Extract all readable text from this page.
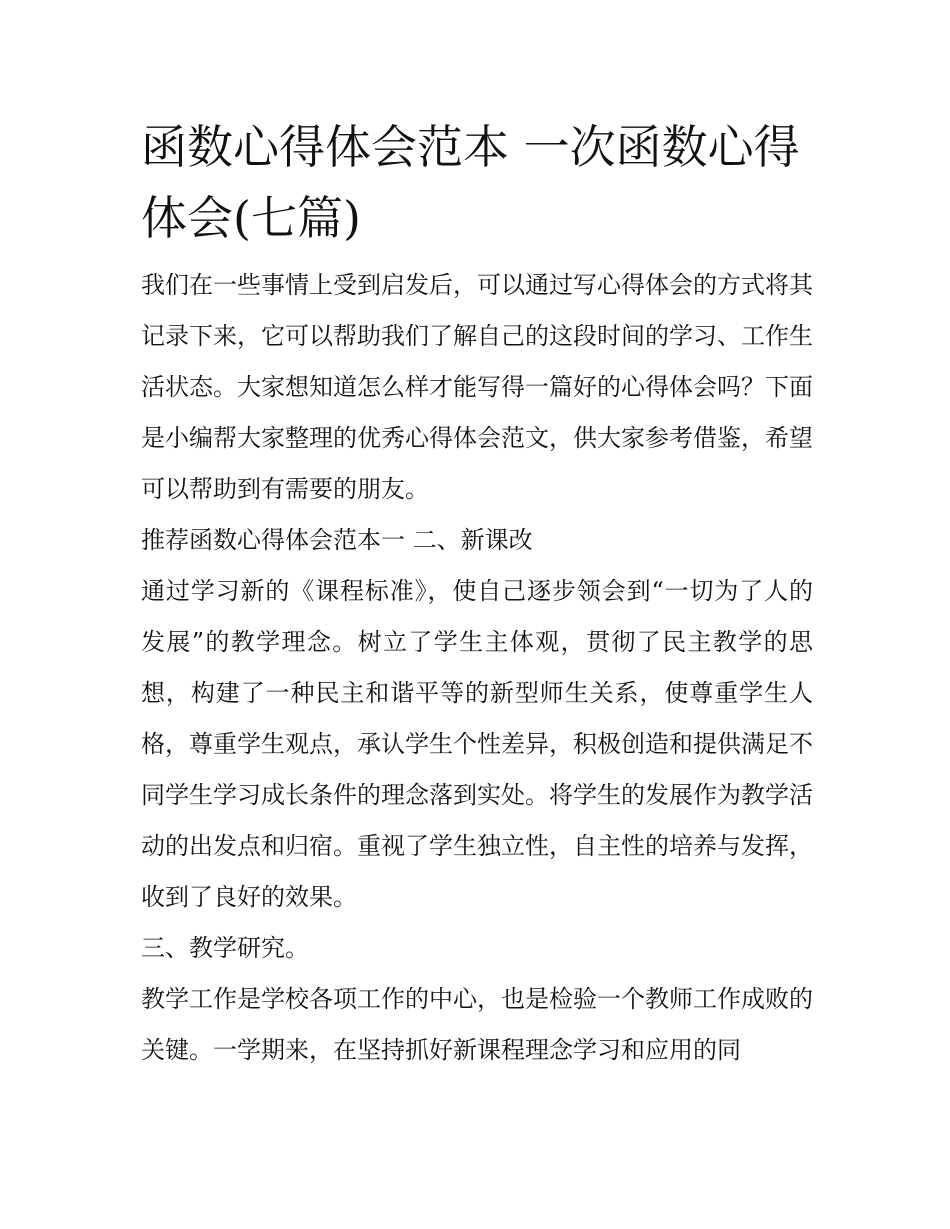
函数心得体会范本 一次函数心得体会(七篇)

我们在一些事情上受到启发后，可以通过写心得体会的方式将其记录下来，它可以帮助我们了解自己的这段时间的学习、工作生活状态。大家想知道怎么样才能写得一篇好的心得体会吗？下面是小编帮大家整理的优秀心得体会范文，供大家参考借鉴，希望可以帮助到有需要的朋友。

推荐函数心得体会范本一 二、新课改

通过学习新的《课程标准》，使自己逐步领会到“一切为了人的发展”的教学理念。树立了学生主体观，贯彻了民主教学的思想，构建了一种民主和谐平等的新型师生关系，使尊重学生人格，尊重学生观点，承认学生个性差异，积极创造和提供满足不同学生学习成长条件的理念落到实处。将学生的发展作为教学活动的出发点和归宿。重视了学生独立性，自主性的培养与发挥，收到了良好的效果。

三、教学研究。

教学工作是学校各项工作的中心，也是检验一个教师工作成败的关键。一学期来，在坚持抓好新课程理念学习和应用的同
